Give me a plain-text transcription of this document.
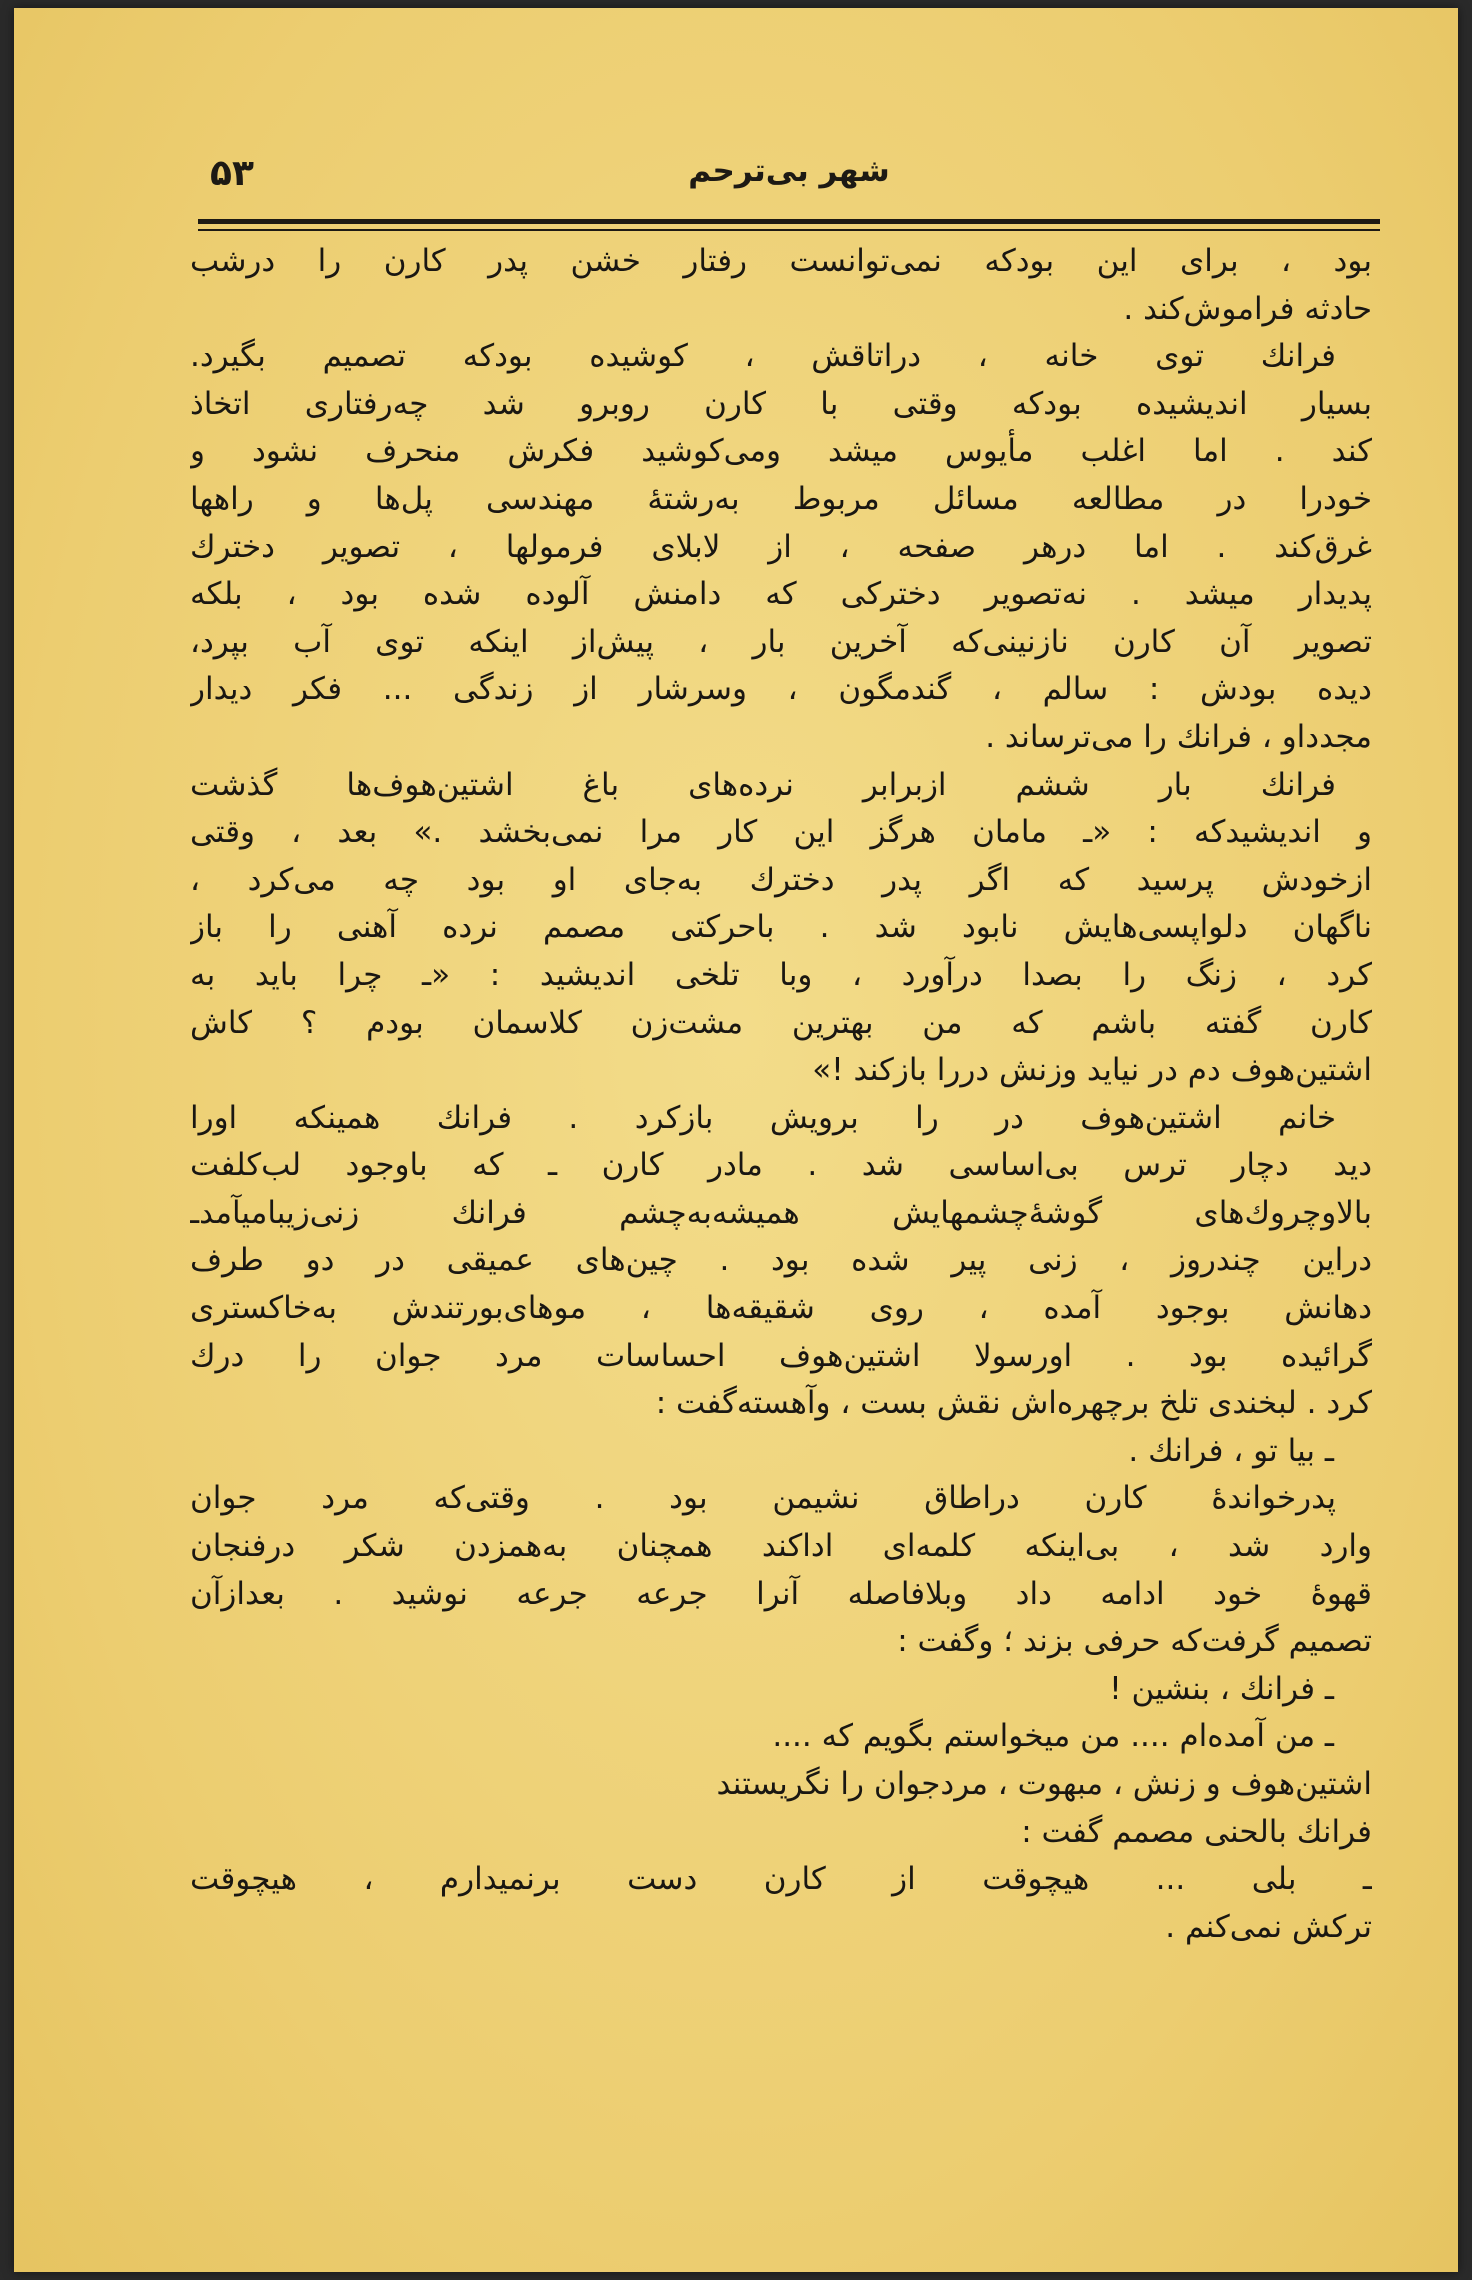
۵۳	شهر بی‌ترحم
بود ، برای این بودکه نمی‌توانست رفتار خشن پدر کارن را درشب
حادثه فراموش‌کند .
فرانك توی خانه ، دراتاقش ، کوشیده بودکه تصمیم بگیرد.
بسیار اندیشیده بودکه وقتی با کارن روبرو شد چه‌رفتاری اتخاذ
کند . اما اغلب مأیوس میشد ومی‌کوشید فکرش منحرف نشود و
خودرا در مطالعه مسائل مربوط به‌رشتهٔ مهندسی پل‌ها و راهها
غرق‌کند . اما درهر صفحه ، از لابلای فرمولها ، تصویر دخترك
پدیدار میشد . نه‌تصویر دخترکی که دامنش آلوده شده بود ، بلکه
تصویر آن کارن نازنینی‌که آخرین بار ، پیش‌از اینکه توی آب بپرد،
دیده بودش : سالم ، گندمگون ، وسرشار از زندگی ... فکر دیدار
مجدداو ، فرانك را می‌ترساند .
فرانك بار ششم ازبرابر نرده‌های باغ اشتین‌هوف‌ها گذشت
و اندیشیدکه : «ـ مامان هرگز این کار مرا نمی‌بخشد .» بعد ، وقتی
ازخودش پرسید که اگر پدر دخترك به‌جای او بود چه می‌کرد ،
ناگهان دلواپسی‌هایش نابود شد . باحرکتی مصمم نرده آهنی را باز
کرد ، زنگ را بصدا درآورد ، وبا تلخی اندیشید : «ـ چرا باید به
کارن گفته باشم که من بهترین مشت‌زن کلاسمان بودم ؟ کاش
اشتین‌هوف دم در نیاید وزنش دررا بازکند !»
خانم اشتین‌هوف در را برویش بازکرد . فرانك همینکه اورا
دید دچار ترس بی‌اساسی شد . مادر کارن ـ که باوجود لب‌کلفت
بالاوچروك‌های گوشهٔ‌چشمهایش همیشه‌به‌چشم فرانك زنی‌زیبامیآمدـ
دراین چندروز ، زنی پیر شده بود . چین‌های عمیقی در دو طرف
دهانش بوجود آمده ، روی شقیقه‌ها ، موهای‌بورتندش به‌خاکستری
گرائیده بود . اورسولا اشتین‌هوف احساسات مرد جوان را درك
کرد . لبخندی تلخ برچهره‌اش نقش بست ، وآهسته‌گفت :
ـ بیا تو ، فرانك .
پدرخواندهٔ کارن دراطاق نشیمن بود . وقتی‌که مرد جوان
وارد شد ، بی‌اینکه کلمه‌ای اداکند همچنان به‌همزدن شکر درفنجان
قهوهٔ خود ادامه داد وبلافاصله آنرا جرعه جرعه نوشید . بعدازآن
تصمیم گرفت‌که حرفی بزند ؛ وگفت :
ـ فرانك ، بنشین !
ـ من آمده‌ام .... من میخواستم بگویم که ....
اشتین‌هوف و زنش ، مبهوت ، مردجوان را نگریستند
فرانك بالحنی مصمم گفت :
ـ بلی ... هیچوقت از کارن دست برنمیدارم ، هیچوقت
ترکش نمی‌کنم .
